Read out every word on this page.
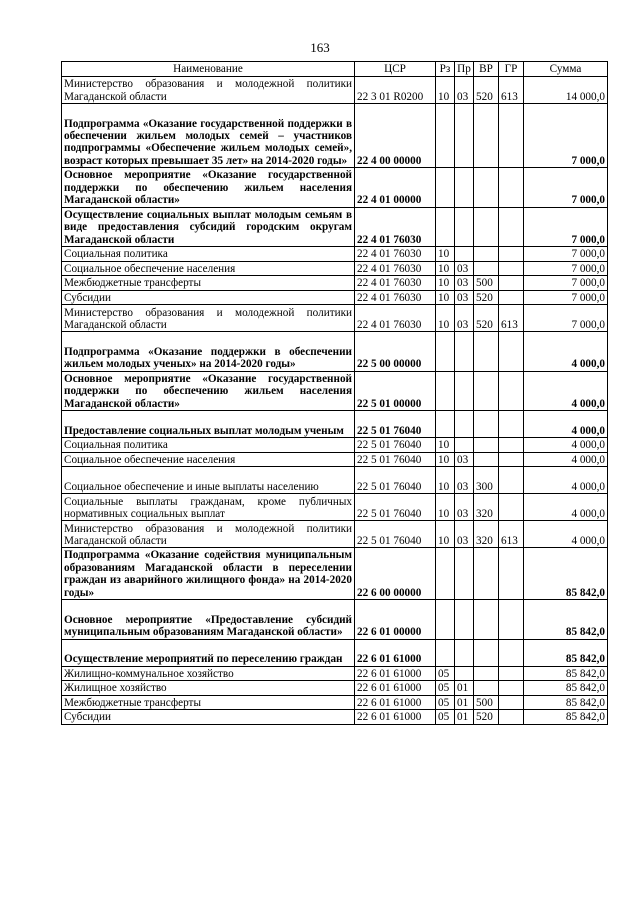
163
Наименование	ЦСР	Рз	Пр	ВР	ГР	Сумма
Министерство образования и молодежной политики Магаданской области	22 3 01 R0200	10	03	520	613	14 000,0
Подпрограмма «Оказание государственной поддержки в обеспечении жильем молодых семей – участников подпрограммы «Обеспечение жильем молодых семей», возраст которых превышает 35 лет» на 2014-2020 годы»	22 4 00 00000					7 000,0
Основное мероприятие «Оказание государственной поддержки по обеспечению жильем населения Магаданской области»	22 4 01 00000					7 000,0
Осуществление социальных выплат молодым семьям в виде предоставления субсидий городским округам Магаданской области	22 4 01 76030					7 000,0
Социальная политика	22 4 01 76030	10				7 000,0
Социальное обеспечение населения	22 4 01 76030	10	03			7 000,0
Межбюджетные трансферты	22 4 01 76030	10	03	500		7 000,0
Субсидии	22 4 01 76030	10	03	520		7 000,0
Министерство образования и молодежной политики Магаданской области	22 4 01 76030	10	03	520	613	7 000,0
Подпрограмма «Оказание поддержки в обеспечении жильем молодых ученых» на 2014-2020 годы»	22 5 00 00000					4 000,0
Основное мероприятие «Оказание государственной поддержки по обеспечению жильем населения Магаданской области»	22 5 01 00000					4 000,0
Предоставление социальных выплат молодым ученым	22 5 01 76040					4 000,0
Социальная политика	22 5 01 76040	10				4 000,0
Социальное обеспечение населения	22 5 01 76040	10	03			4 000,0
Социальное обеспечение и иные выплаты населению	22 5 01 76040	10	03	300		4 000,0
Социальные выплаты гражданам, кроме публичных нормативных социальных выплат	22 5 01 76040	10	03	320		4 000,0
Министерство образования и молодежной политики Магаданской области	22 5 01 76040	10	03	320	613	4 000,0
Подпрограмма «Оказание содействия муниципальным образованиям Магаданской области в переселении граждан из аварийного жилищного фонда» на 2014-2020 годы»	22 6 00 00000					85 842,0
Основное мероприятие «Предоставление субсидий муниципальным образованиям Магаданской области»	22 6 01 00000					85 842,0
Осуществление мероприятий по переселению граждан	22 6 01 61000					85 842,0
Жилищно-коммунальное хозяйство	22 6 01 61000	05				85 842,0
Жилищное хозяйство	22 6 01 61000	05	01			85 842,0
Межбюджетные трансферты	22 6 01 61000	05	01	500		85 842,0
Субсидии	22 6 01 61000	05	01	520		85 842,0
